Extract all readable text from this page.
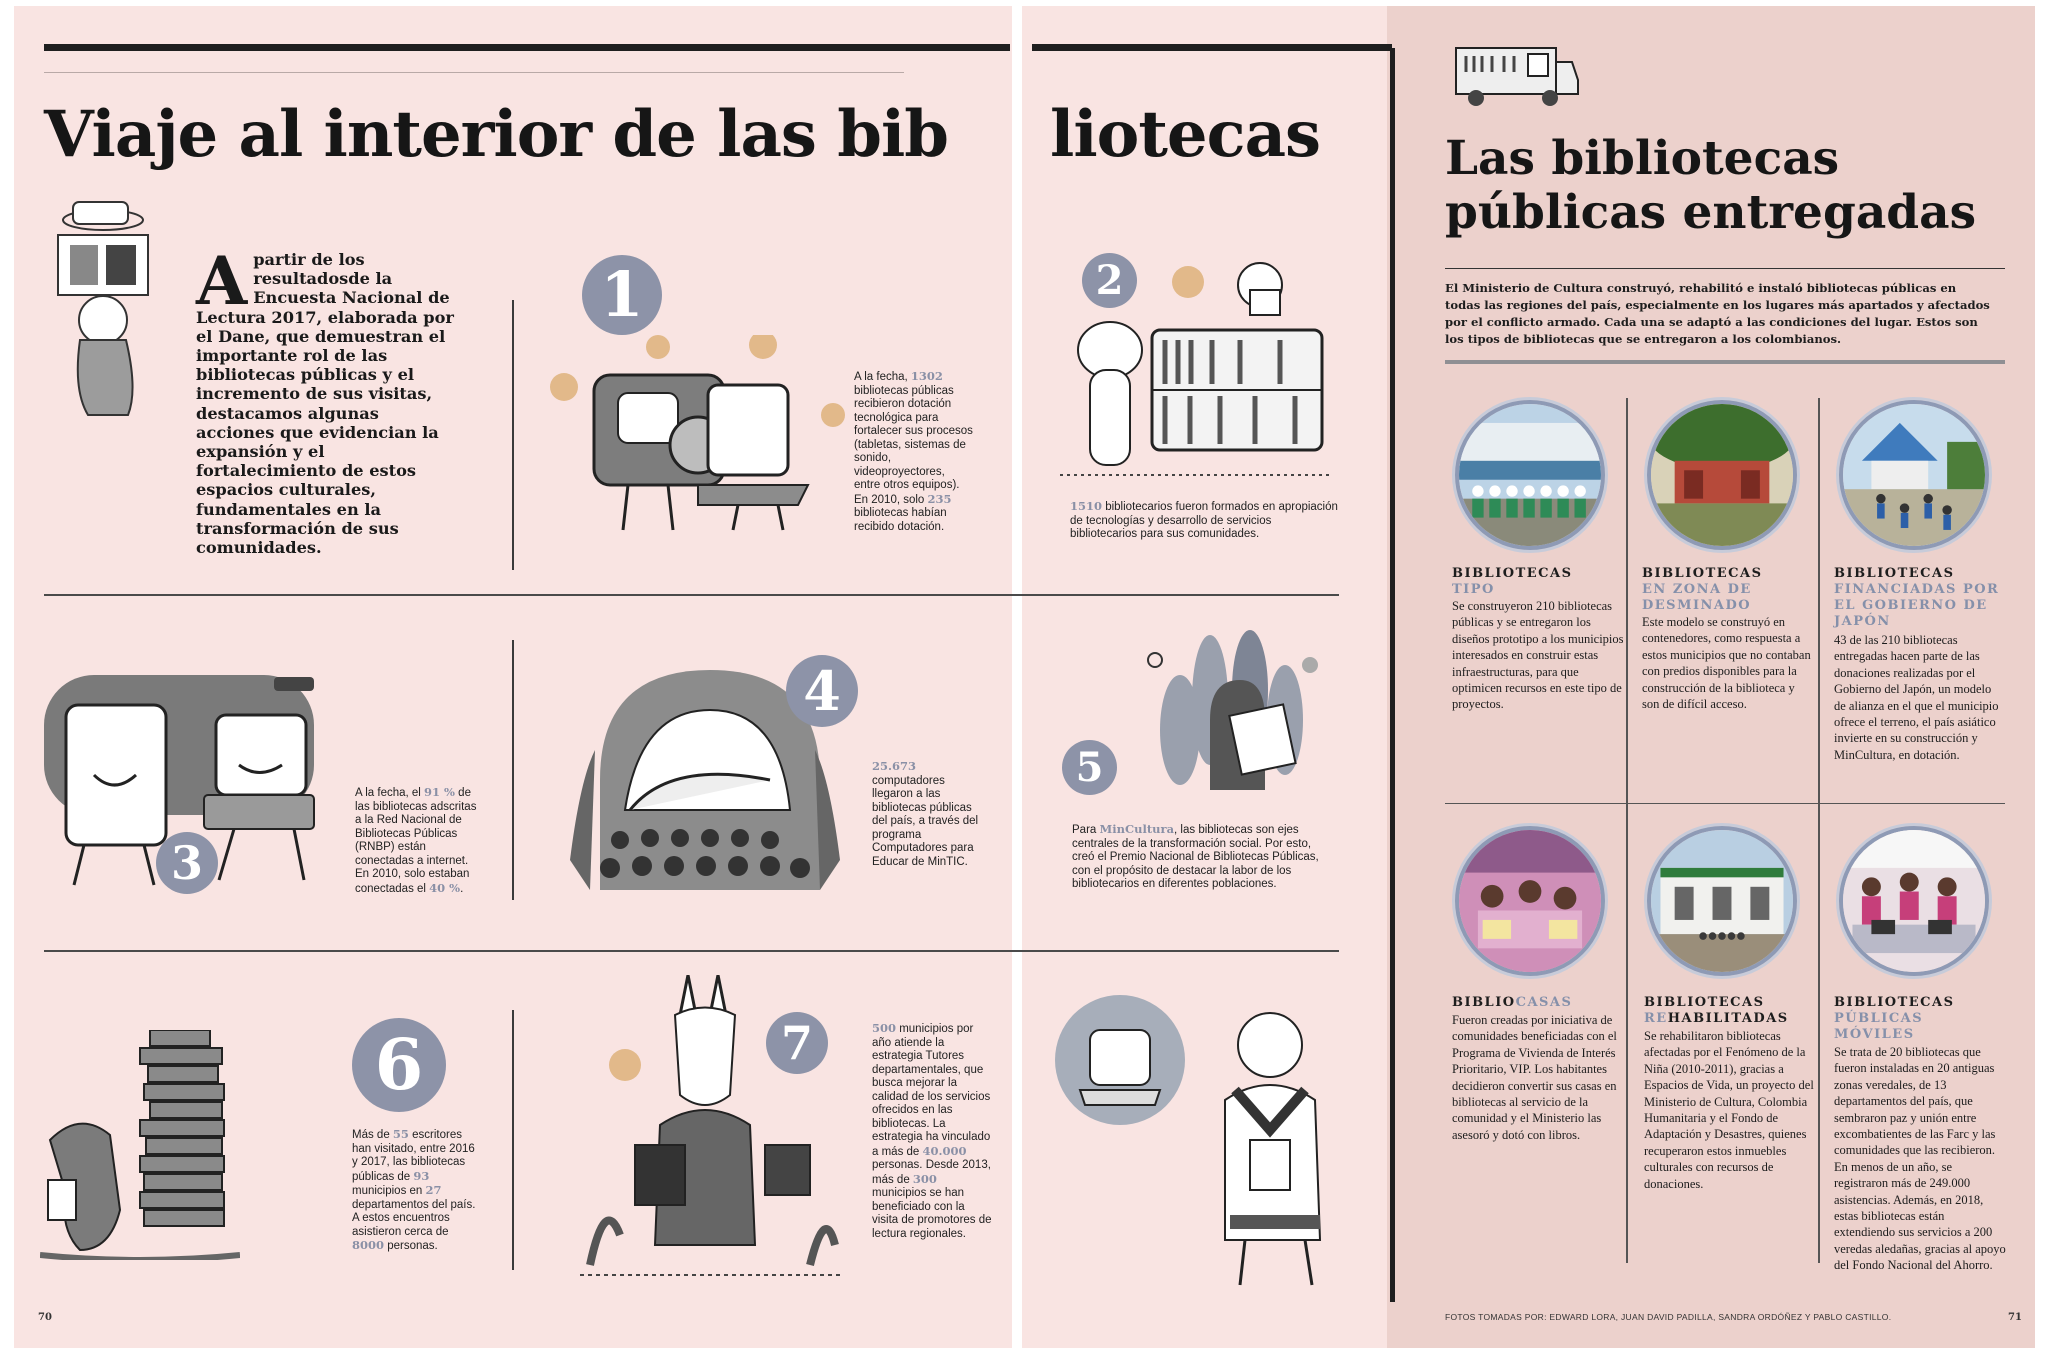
Viaje al interior de las bib liotecas
A partir de los resultadosde la Encuesta Nacional de Lectura 2017, elaborada por el Dane, que demuestran el importante rol de las bibliotecas públicas y el incremento de sus visitas, destacamos algunas acciones que evidencian la expansión y el fortalecimiento de estos espacios culturales, fundamentales en la transformación de sus comunidades.
1
A la fecha, 1302 bibliotecas públicas recibieron dotación tecnológica para fortalecer sus procesos (tabletas, sistemas de sonido, videoproyectores, entre otros equipos). En 2010, solo 235 bibliotecas habían recibido dotación.
2
1510 bibliotecarios fueron formados en apropiación de tecnologías y desarrollo de servicios bibliotecarios para sus comunidades.
3
A la fecha, el 91 % de las bibliotecas adscritas a la Red Nacional de Bibliotecas Públicas (RNBP) están conectadas a internet. En 2010, solo estaban conectadas el 40 %.
4
25.673 computadores llegaron a las bibliotecas públicas del país, a través del programa Computadores para Educar de MinTIC.
5
Para MinCultura, las bibliotecas son ejes centrales de la transformación social. Por esto, creó el Premio Nacional de Bibliotecas Públicas, con el propósito de destacar la labor de los bibliotecarios en diferentes poblaciones.
6
Más de 55 escritores han visitado, entre 2016 y 2017, las bibliotecas públicas de 93 municipios en 27 departamentos del país. A estos encuentros asistieron cerca de 8000 personas.
7	500 municipios por año atiende la estrategia Tutores departamentales, que busca mejorar la calidad de los servicios ofrecidos en las bibliotecas. La estrategia ha vinculado a más de 40.000 personas. Desde 2013, más de 300 municipios se han beneficiado con la visita de promotores de lectura regionales.
Las bibliotecas
públicas entregadas
El Ministerio de Cultura construyó, rehabilitó e instaló bibliotecas públicas en todas las regiones del país, especialmente en los lugares más apartados y afectados por el conflicto armado. Cada una se adaptó a las condiciones del lugar. Estos son los tipos de bibliotecas que se entregaron a los colombianos.
BIBLIOTECAS
TIPO
Se construyeron 210 bibliotecas públicas y se entregaron los diseños prototipo a los municipios interesados en construir estas infraestructuras, para que optimicen recursos en este tipo de proyectos.
BIBLIOTECAS
EN ZONA DE DESMINADO
Este modelo se construyó en contenedores, como respuesta a estos municipios que no contaban con predios disponibles para la construcción de la biblioteca y son de difícil acceso.
BIBLIOTECAS
FINANCIADAS POR EL GOBIERNO DE JAPÓN
43 de las 210 bibliotecas entregadas hacen parte de las donaciones realizadas por el Gobierno del Japón, un modelo de alianza en el que el municipio ofrece el terreno, el país asiático invierte en su construcción y MinCultura, en dotación.
BIBLIOCASAS
Fueron creadas por iniciativa de comunidades beneficiadas con el Programa de Vivienda de Interés Prioritario, VIP. Los habitantes decidieron convertir sus casas en bibliotecas al servicio de la comunidad y el Ministerio las asesoró y dotó con libros.
BIBLIOTECAS
REHABILITADAS
Se rehabilitaron bibliotecas afectadas por el Fenómeno de la Niña (2010-2011), gracias a Espacios de Vida, un proyecto del Ministerio de Cultura, Colombia Humanitaria y el Fondo de Adaptación y Desastres, quienes recuperaron estos inmuebles culturales con recursos de donaciones.
BIBLIOTECAS
PÚBLICAS MÓVILES
Se trata de 20 bibliotecas que fueron instaladas en 20 antiguas zonas veredales, de 13 departamentos del país, que sembraron paz y unión entre excombatientes de las Farc y las comunidades que las recibieron. En menos de un año, se registraron más de 249.000 asistencias. Además, en 2018, estas bibliotecas están extendiendo sus servicios a 200 veredas aledañas, gracias al apoyo del Fondo Nacional del Ahorro.
70	FOTOS TOMADAS POR: EDWARD LORA, JUAN DAVID PADILLA, SANDRA ORDÓÑEZ Y PABLO CASTILLO.	71
